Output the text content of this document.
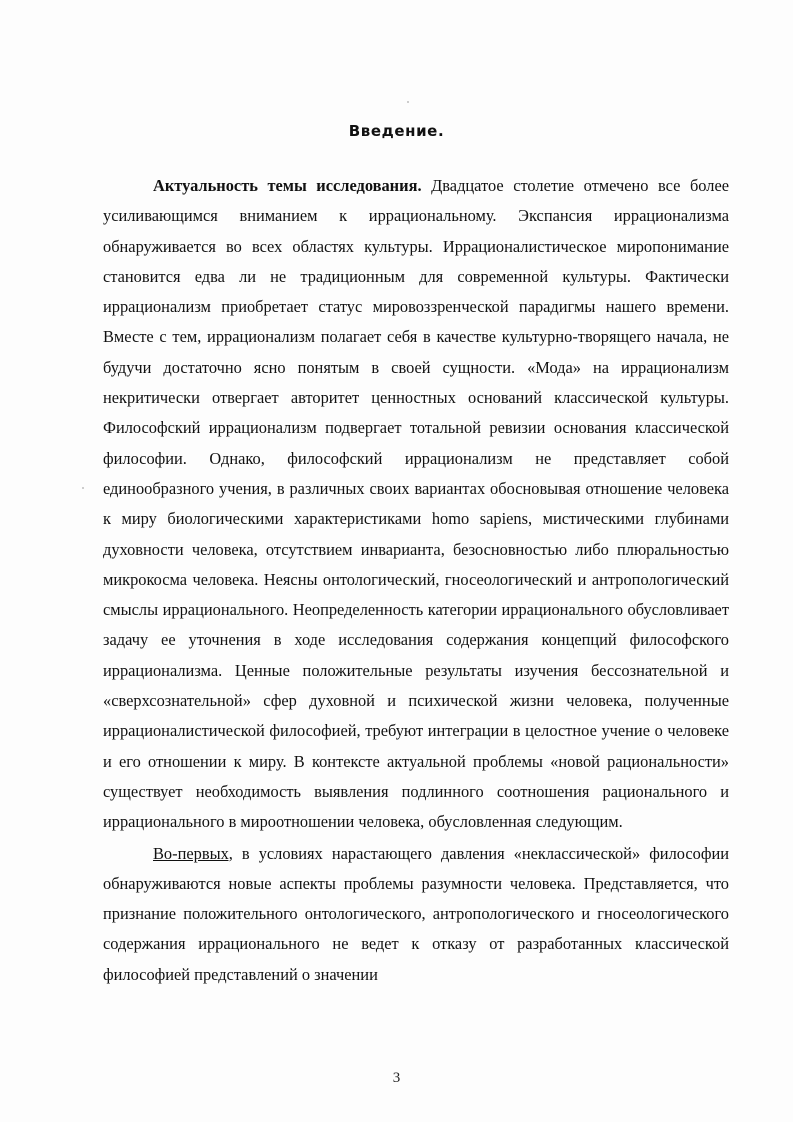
Введение.

Актуальность темы исследования. Двадцатое столетие отмечено все более усиливающимся вниманием к иррациональному. Экспансия иррационализма обнаруживается во всех областях культуры. Иррационалистическое миропонимание становится едва ли не традиционным для современной культуры. Фактически иррационализм приобретает статус мировоззренческой парадигмы нашего времени. Вместе с тем, иррационализм полагает себя в качестве культурно-творящего начала, не будучи достаточно ясно понятым в своей сущности. «Мода» на иррационализм некритически отвергает авторитет ценностных оснований классической культуры. Философский иррационализм подвергает тотальной ревизии основания классической философии. Однако, философский иррационализм не представляет собой единообразного учения, в различных своих вариантах обосновывая отношение человека к миру биологическими характеристиками homo sapiens, мистическими глубинами духовности человека, отсутствием инварианта, безосновностью либо плюральностью микрокосма человека. Неясны онтологический, гносеологический и антропологический смыслы иррационального. Неопределенность категории иррационального обусловливает задачу ее уточнения в ходе исследования содержания концепций философского иррационализма. Ценные положительные результаты изучения бессознательной и «сверхсознательной» сфер духовной и психической жизни человека, полученные иррационалистической философией, требуют интеграции в целостное учение о человеке и его отношении к миру. В контексте актуальной проблемы «новой рациональности» существует необходимость выявления подлинного соотношения рационального и иррационального в мироотношении человека, обусловленная следующим.

Во-первых, в условиях нарастающего давления «неклассической» философии обнаруживаются новые аспекты проблемы разумности человека. Представляется, что признание положительного онтологического, антропологического и гносеологического содержания иррационального не ведет к отказу от разработанных классической философией представлений о значении

3
